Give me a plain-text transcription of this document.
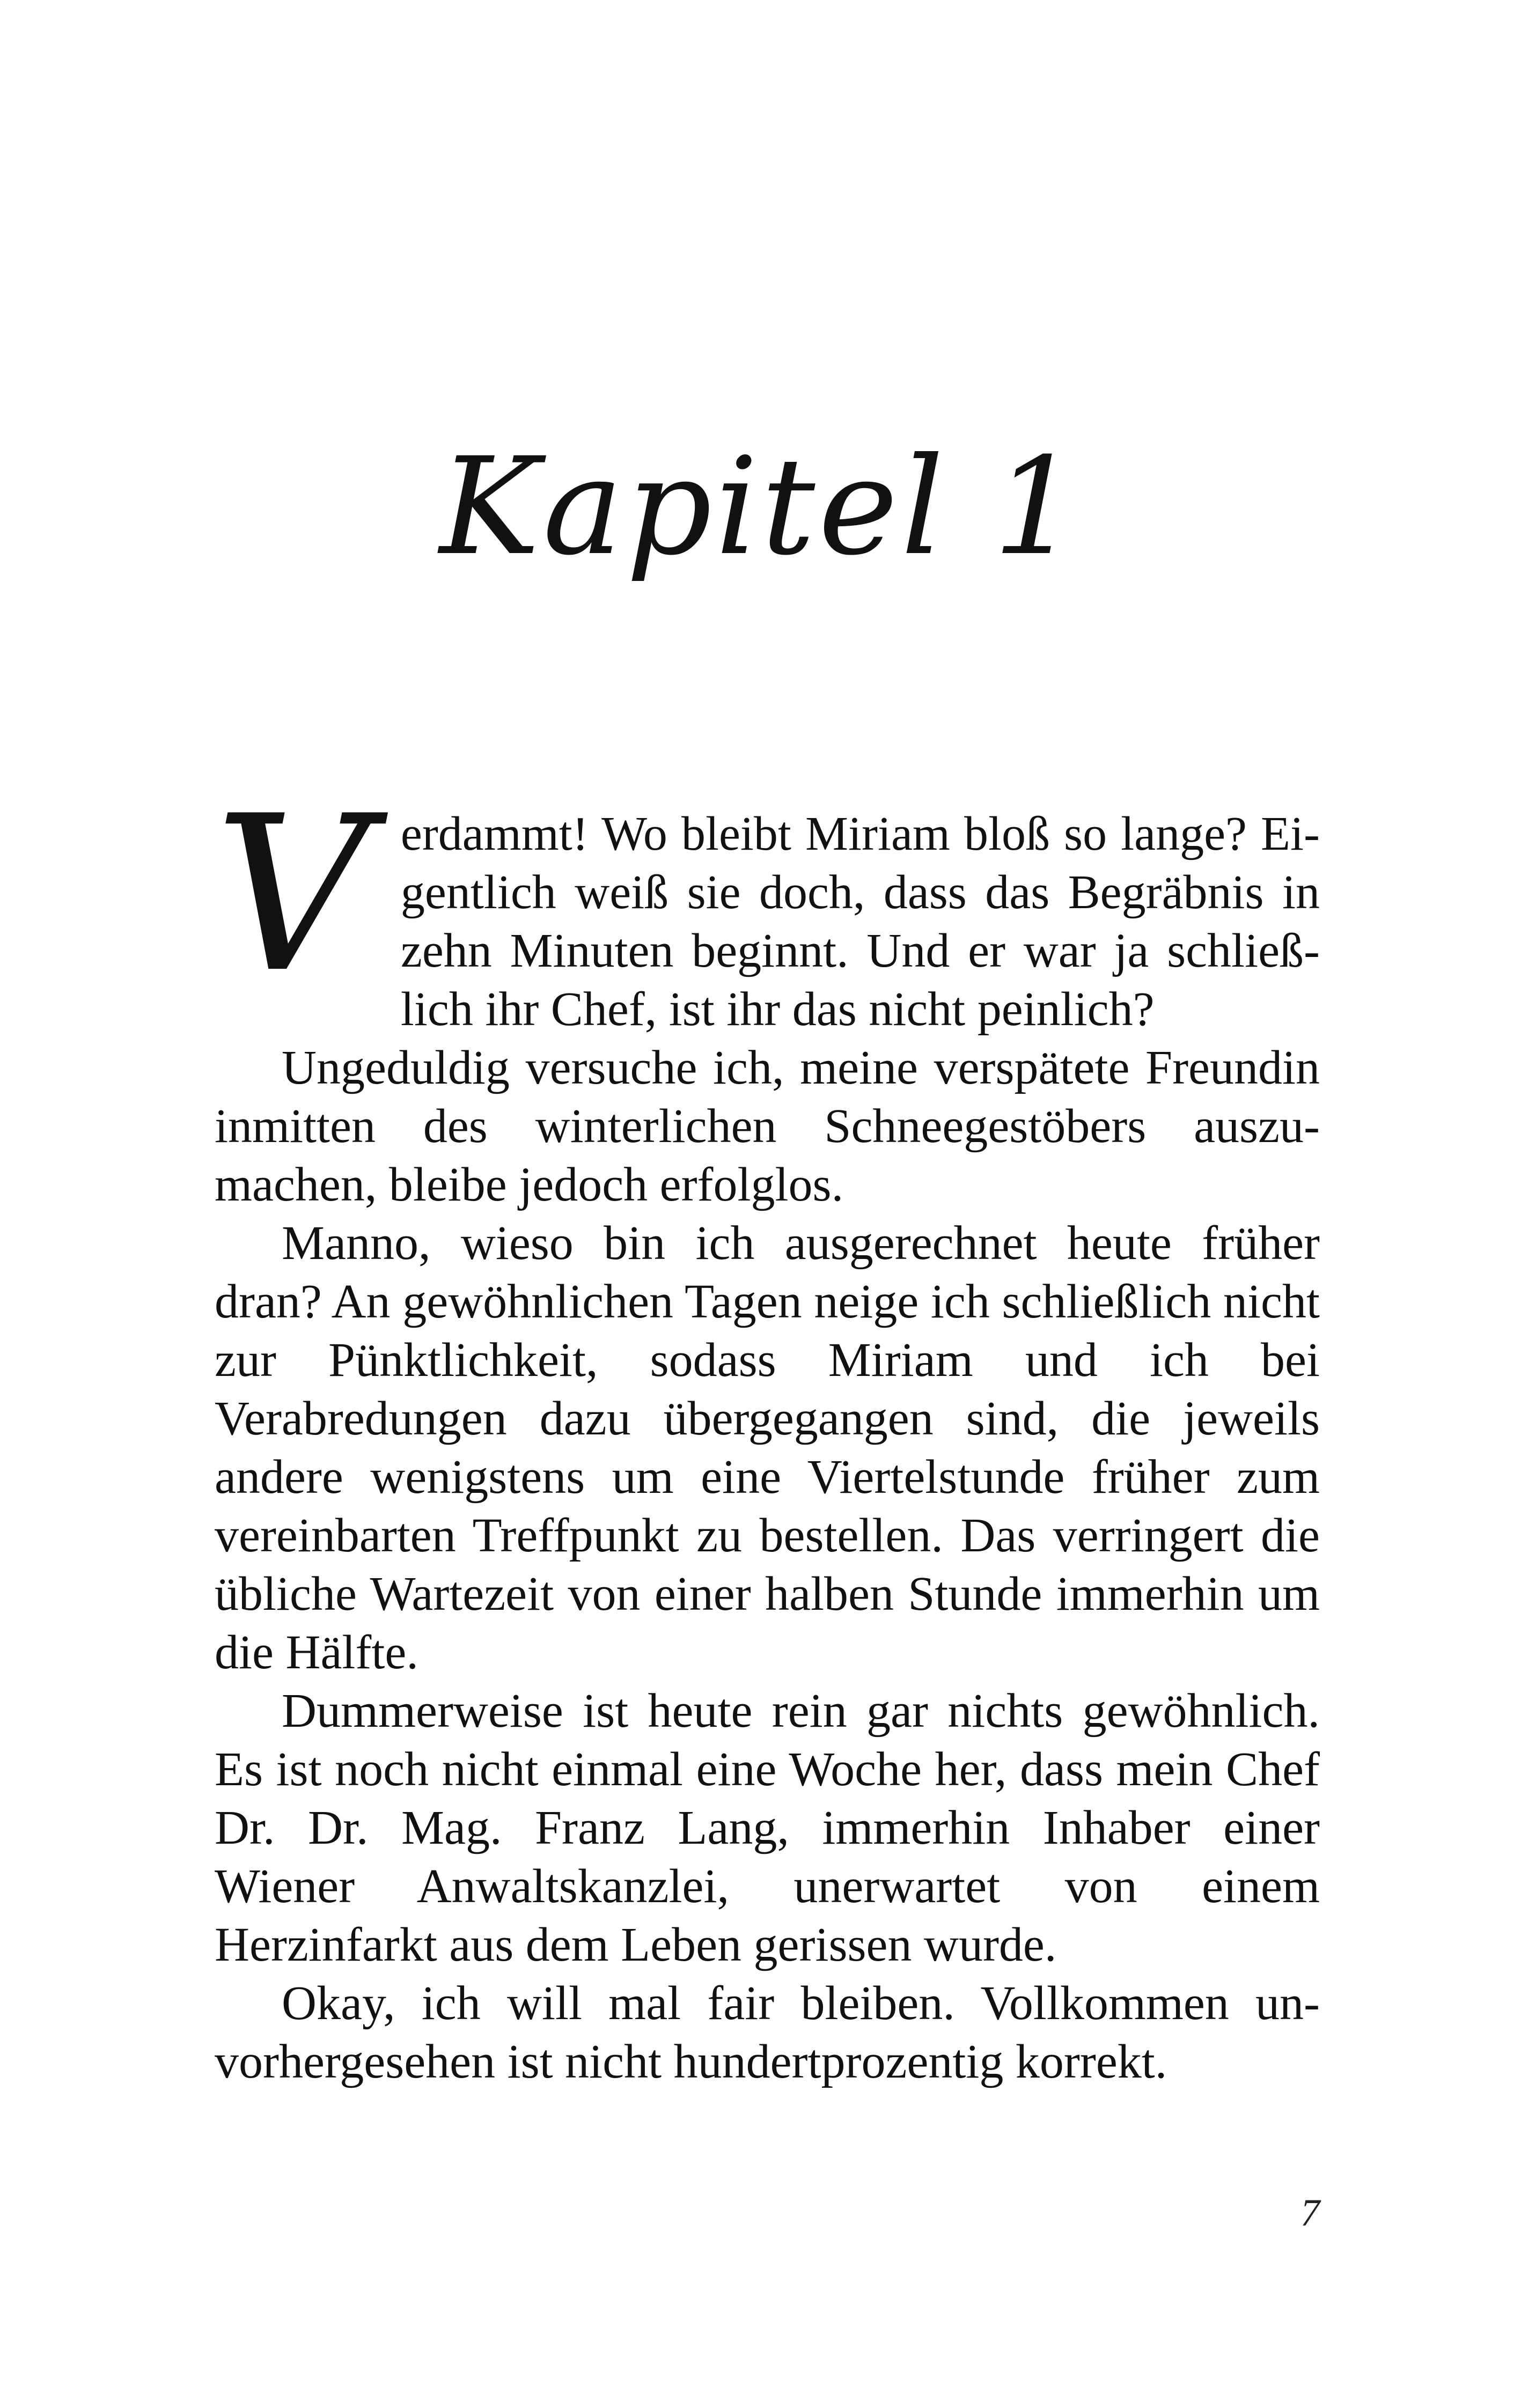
Kapitel 1

Verdammt! Wo bleibt Miriam bloß so lange? Eigentlich weiß sie doch, dass das Begräbnis in zehn Minuten beginnt. Und er war ja schließlich ihr Chef, ist ihr das nicht peinlich?

Ungeduldig versuche ich, meine verspätete Freundin inmitten des winterlichen Schneegestöbers auszumachen, bleibe jedoch erfolglos.

Manno, wieso bin ich ausgerechnet heute früher dran? An gewöhnlichen Tagen neige ich schließlich nicht zur Pünktlichkeit, sodass Miriam und ich bei Verabredungen dazu übergegangen sind, die jeweils andere wenigstens um eine Viertelstunde früher zum vereinbarten Treffpunkt zu bestellen. Das verringert die übliche Wartezeit von einer halben Stunde immerhin um die Hälfte.

Dummerweise ist heute rein gar nichts gewöhnlich. Es ist noch nicht einmal eine Woche her, dass mein Chef Dr. Dr. Mag. Franz Lang, immerhin Inhaber einer Wiener Anwaltskanzlei, unerwartet von einem Herzinfarkt aus dem Leben gerissen wurde.

Okay, ich will mal fair bleiben. Vollkommen unvorhergesehen ist nicht hundertprozentig korrekt.

7
